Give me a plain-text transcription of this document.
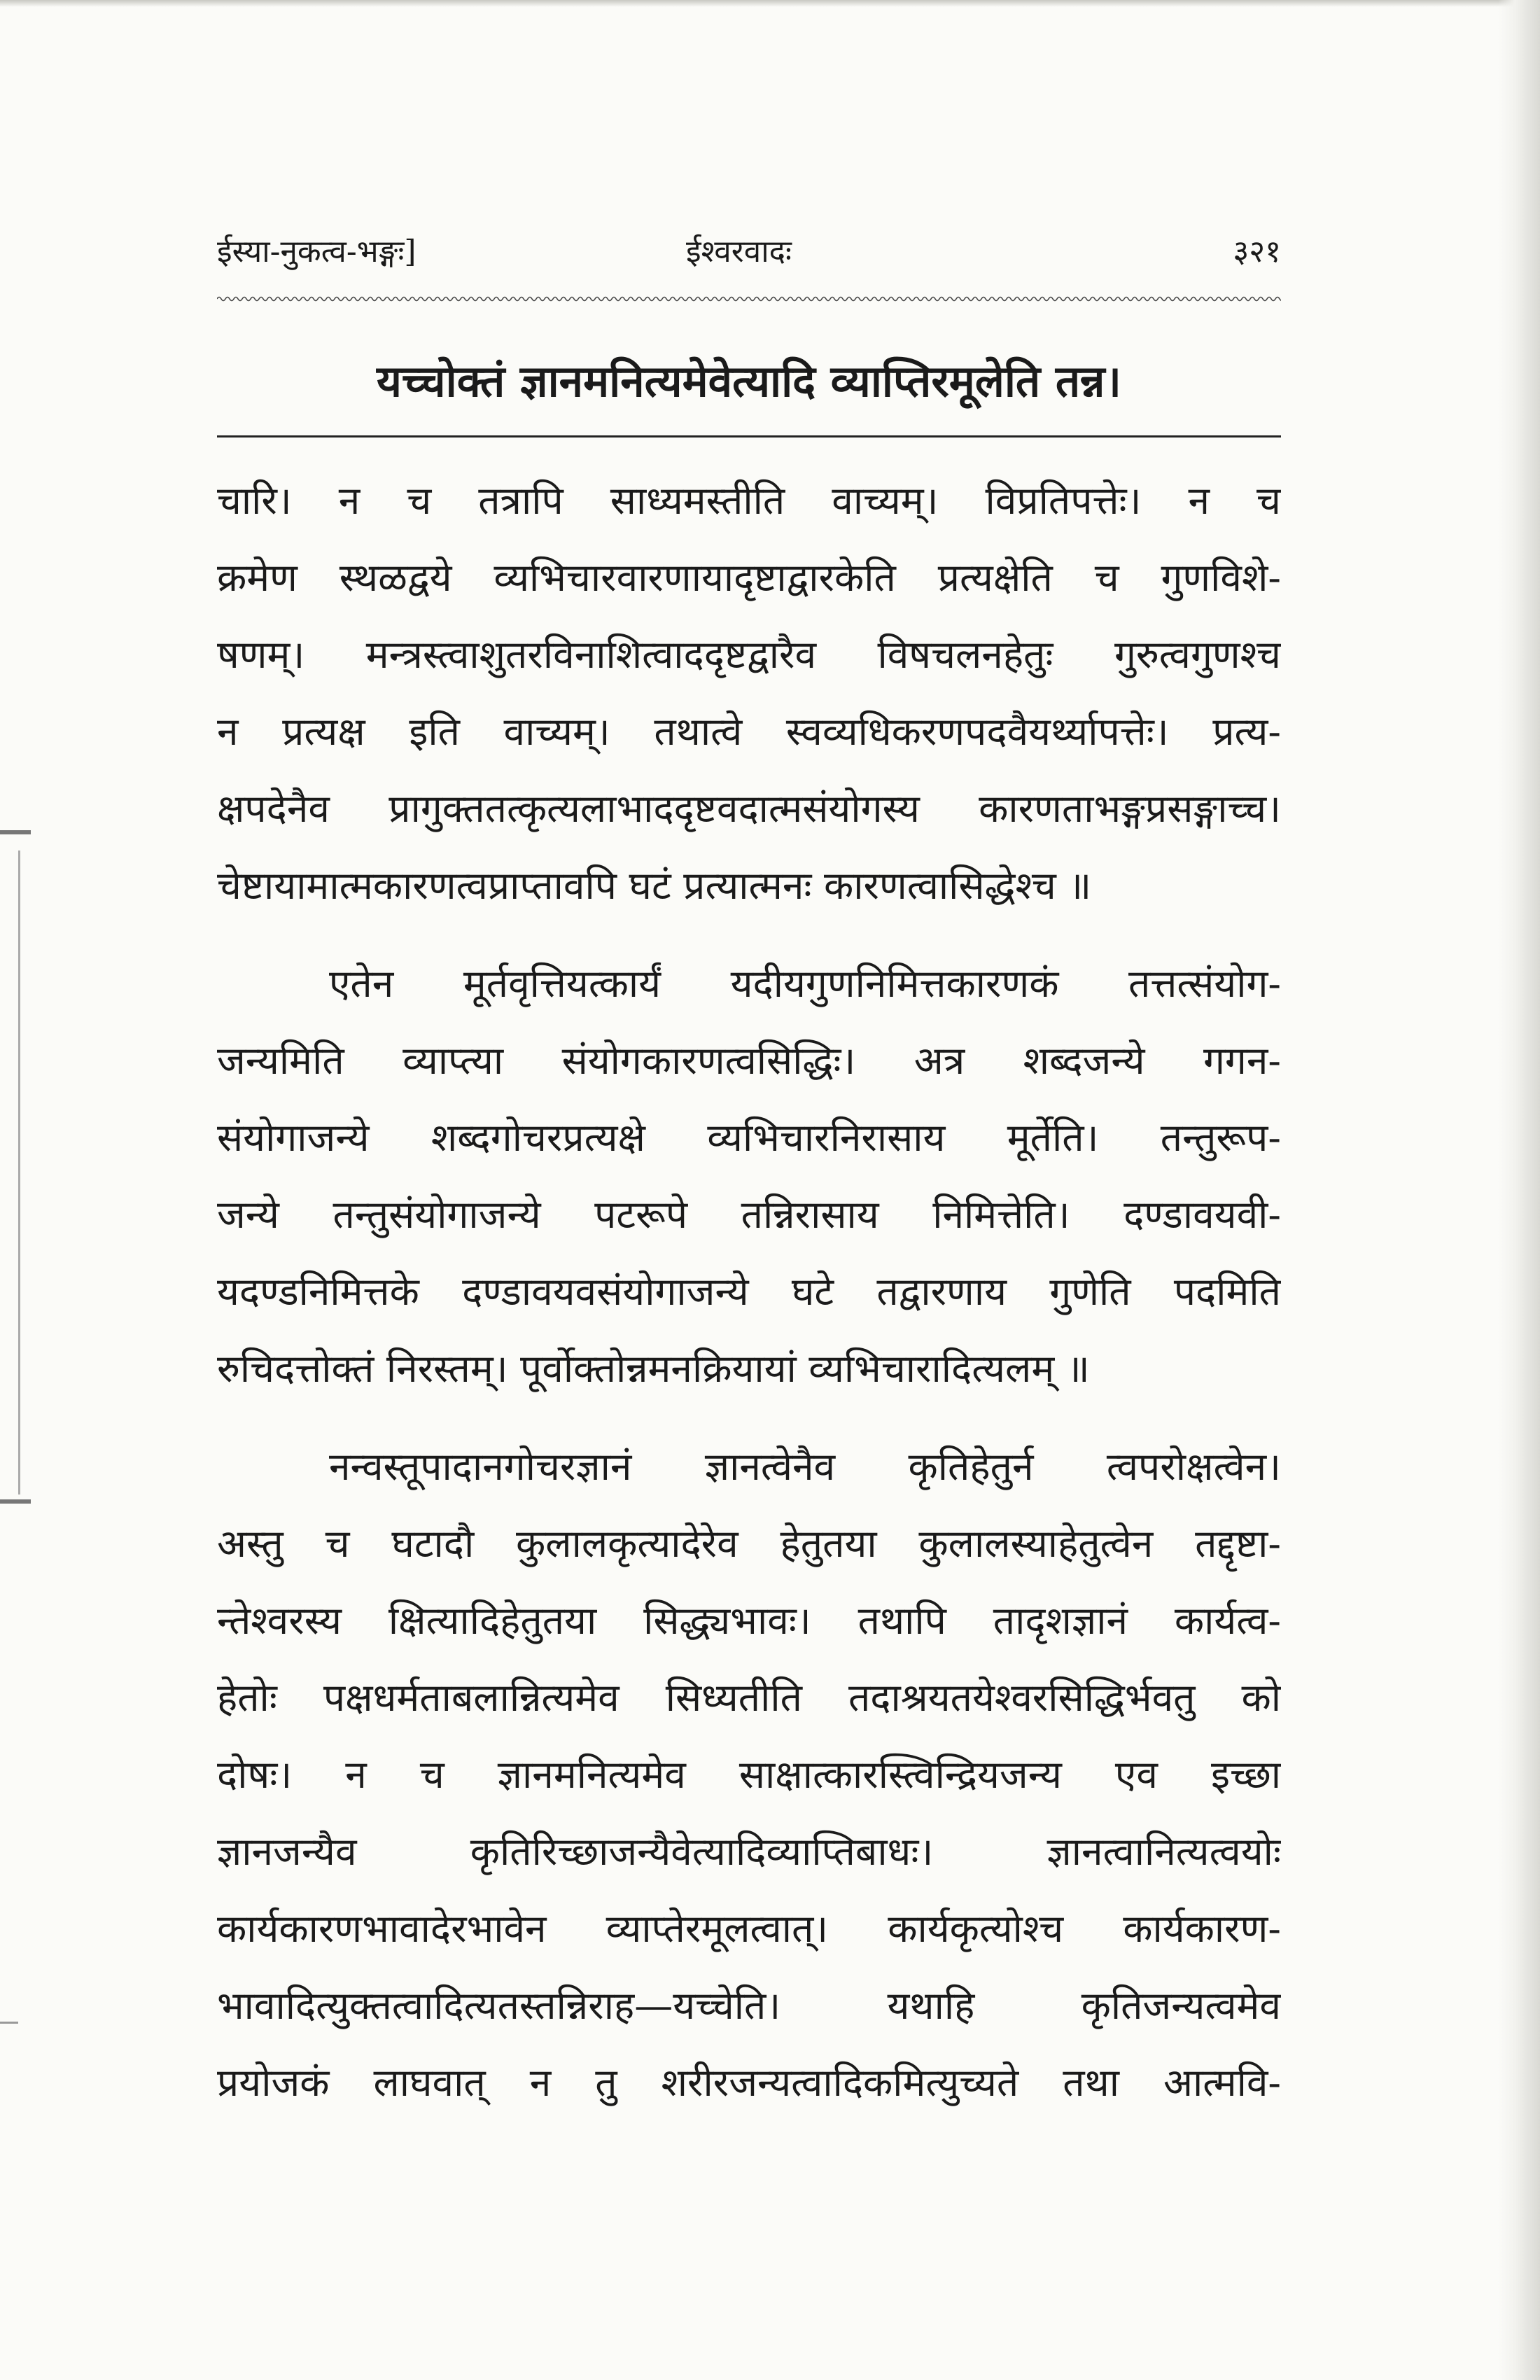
ईस्या-नुकत्व-भङ्गः]	ईश्वरवादः	३२१
यच्चोक्तं ज्ञानमनित्यमेवेत्यादि व्याप्तिरमूलेति तन्न।
चारि। न च तत्रापि साध्यमस्तीति वाच्यम्। विप्रतिपत्तेः। न च
क्रमेण स्थळद्वये व्यभिचारवारणायादृष्टाद्वारकेति प्रत्यक्षेति च गुणविशे-
षणम्। मन्त्रस्त्वाशुतरविनाशित्वाददृष्टद्वारैव विषचलनहेतुः गुरुत्वगुणश्च
न प्रत्यक्ष इति वाच्यम्। तथात्वे स्वव्यधिकरणपदवैयर्थ्यापत्तेः। प्रत्य-
क्षपदेनैव प्रागुक्ततत्कृत्यलाभाददृष्टवदात्मसंयोगस्य कारणताभङ्गप्रसङ्गाच्च।
चेष्टायामात्मकारणत्वप्राप्तावपि घटं प्रत्यात्मनः कारणत्वासिद्धेश्च ॥
एतेन मूर्तवृत्तियत्कार्यं यदीयगुणनिमित्तकारणकं तत्तत्संयोग-
जन्यमिति व्याप्त्या संयोगकारणत्वसिद्धिः। अत्र शब्दजन्ये गगन-
संयोगाजन्ये शब्दगोचरप्रत्यक्षे व्यभिचारनिरासाय मूर्तेति। तन्तुरूप-
जन्ये तन्तुसंयोगाजन्ये पटरूपे तन्निरासाय निमित्तेति। दण्डावयवी-
यदण्डनिमित्तके दण्डावयवसंयोगाजन्ये घटे तद्वारणाय गुणेति पदमिति
रुचिदत्तोक्तं निरस्तम्। पूर्वोक्तोन्नमनक्रियायां व्यभिचारादित्यलम् ॥
नन्वस्तूपादानगोचरज्ञानं ज्ञानत्वेनैव कृतिहेतुर्न त्वपरोक्षत्वेन।
अस्तु च घटादौ कुलालकृत्यादेरेव हेतुतया कुलालस्याहेतुत्वेन तद्दृष्टा-
न्तेश्वरस्य क्षित्यादिहेतुतया सिद्ध्यभावः। तथापि तादृशज्ञानं कार्यत्व-
हेतोः पक्षधर्मताबलान्नित्यमेव सिध्यतीति तदाश्रयतयेश्वरसिद्धिर्भवतु को
दोषः। न च ज्ञानमनित्यमेव साक्षात्कारस्त्विन्द्रियजन्य एव इच्छा
ज्ञानजन्यैव कृतिरिच्छाजन्यैवेत्यादिव्याप्तिबाधः। ज्ञानत्वानित्यत्वयोः
कार्यकारणभावादेरभावेन व्याप्तेरमूलत्वात्। कार्यकृत्योश्च कार्यकारण-
भावादित्युक्तत्वादित्यतस्तन्निराह—यच्चेति। यथाहि कृतिजन्यत्वमेव
प्रयोजकं लाघवात् न तु शरीरजन्यत्वादिकमित्युच्यते तथा आत्मवि-
